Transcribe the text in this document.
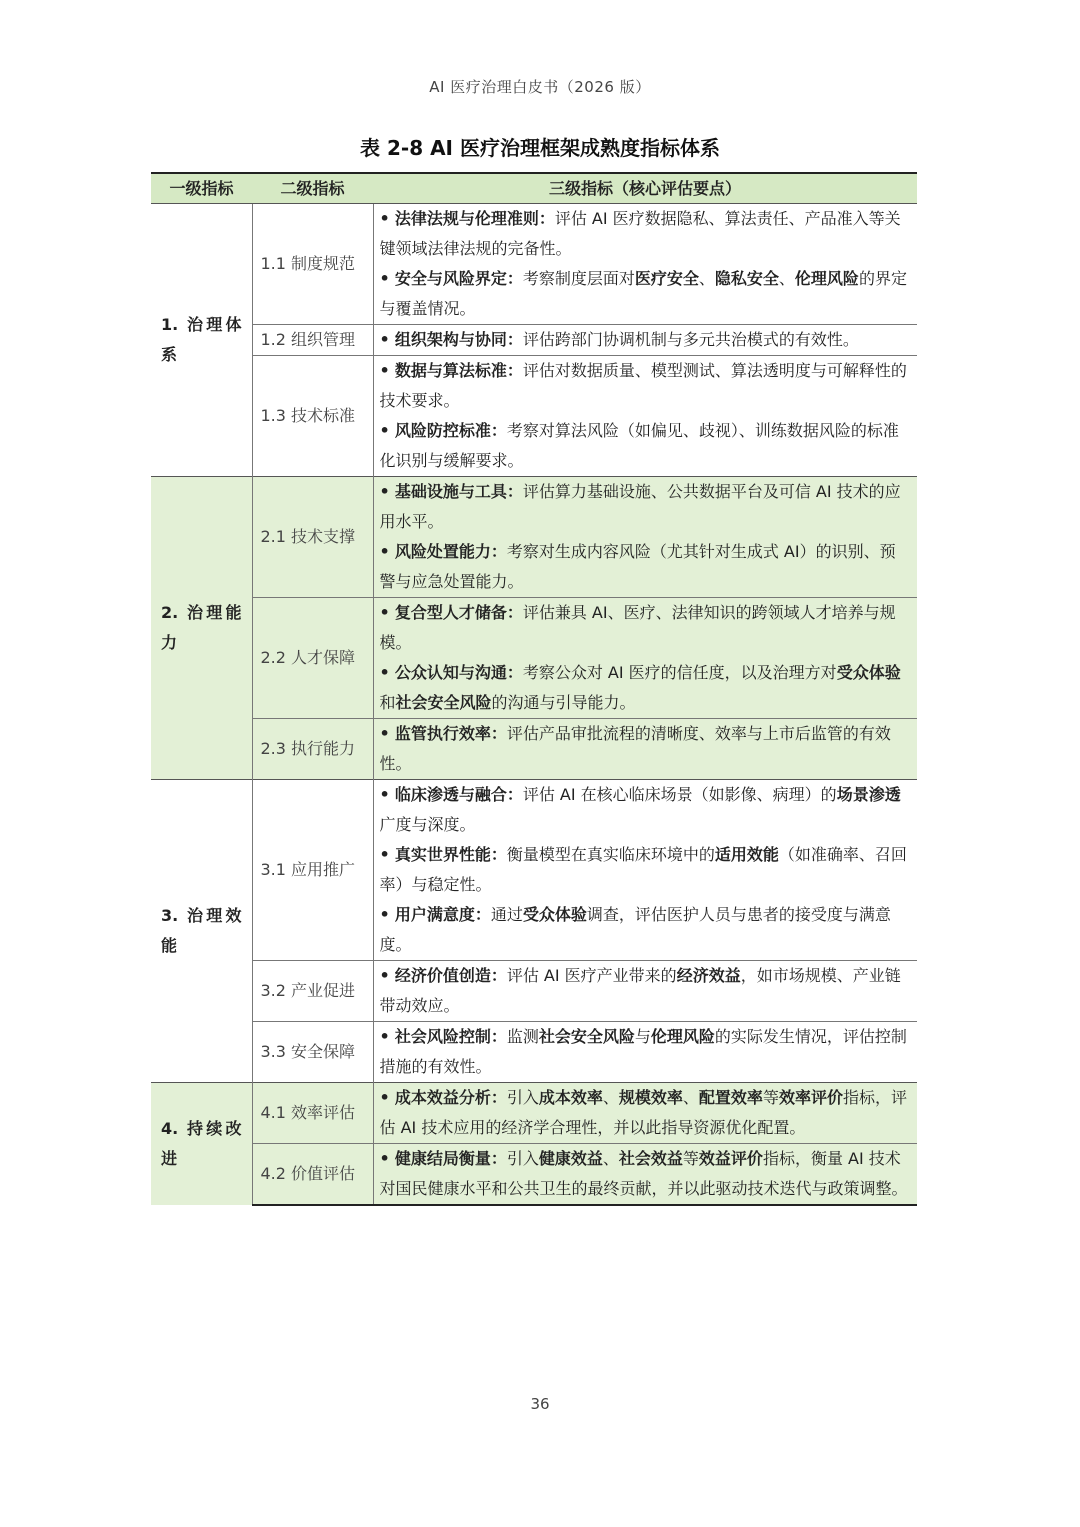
AI 医疗治理白皮书（2026 版）
表 2-8 AI 医疗治理框架成熟度指标体系
一级指标	二级指标	三级指标（核心评估要点）
1. 治理体系	1.1 制度规范	• 法律法规与伦理准则：评估 AI 医疗数据隐私、算法责任、产品准入等关键领域法律法规的完备性。
• 安全与风险界定：考察制度层面对医疗安全、隐私安全、伦理风险的界定与覆盖情况。

	1.2 组织管理	• 组织架构与协同：评估跨部门协调机制与多元共治模式的有效性。

	1.3 技术标准	• 数据与算法标准：评估对数据质量、模型测试、算法透明度与可解释性的技术要求。
• 风险防控标准：考察对算法风险（如偏见、歧视）、训练数据风险的标准化识别与缓解要求。

2. 治理能力	2.1 技术支撑	• 基础设施与工具：评估算力基础设施、公共数据平台及可信 AI 技术的应用水平。
• 风险处置能力：考察对生成内容风险（尤其针对生成式 AI）的识别、预警与应急处置能力。

	2.2 人才保障	• 复合型人才储备：评估兼具 AI、医疗、法律知识的跨领域人才培养与规模。
• 公众认知与沟通：考察公众对 AI 医疗的信任度，以及治理方对受众体验和社会安全风险的沟通与引导能力。

	2.3 执行能力	• 监管执行效率：评估产品审批流程的清晰度、效率与上市后监管的有效性。

3. 治理效能	3.1 应用推广	• 临床渗透与融合：评估 AI 在核心临床场景（如影像、病理）的场景渗透广度与深度。
• 真实世界性能：衡量模型在真实临床环境中的适用效能（如准确率、召回率）与稳定性。
• 用户满意度：通过受众体验调查，评估医护人员与患者的接受度与满意度。

	3.2 产业促进	• 经济价值创造：评估 AI 医疗产业带来的经济效益，如市场规模、产业链带动效应。

	3.3 安全保障	• 社会风险控制：监测社会安全风险与伦理风险的实际发生情况，评估控制措施的有效性。

4. 持续改进	4.1 效率评估	• 成本效益分析：引入成本效率、规模效率、配置效率等效率评价指标，评估 AI 技术应用的经济学合理性，并以此指导资源优化配置。

	4.2 价值评估	• 健康结局衡量：引入健康效益、社会效益等效益评价指标，衡量 AI 技术对国民健康水平和公共卫生的最终贡献，并以此驱动技术迭代与政策调整。
36
